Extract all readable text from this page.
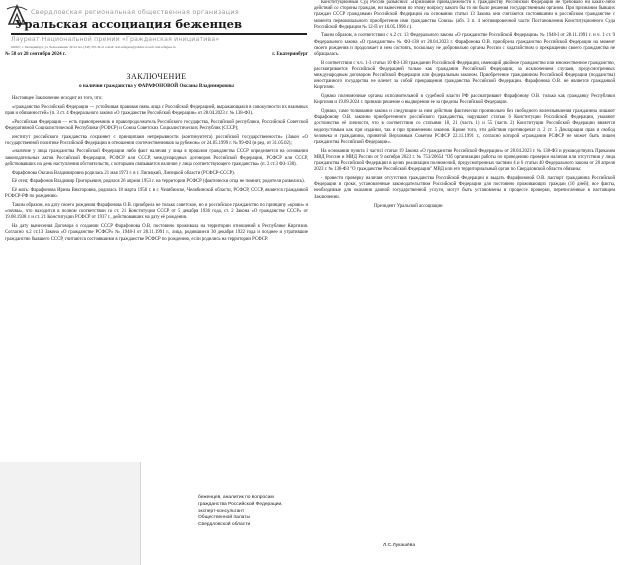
Свердловская региональная общественная организация
Уральская ассоциация беженцев
Лауреат Национальной премии «Гражданская инициатива»
620027, г. Екатеринбург, ул. Челюскинцев, 29-54 тел. (343) 370-39-21 e-mail: ural-refugees@yandex.ru web: ural-refugees.ru
№ 58 от 28 сентября 2024 г.	г. Екатеринбург
ЗАКЛЮЧЕНИЕ
о наличии гражданства у ФАРАФОНОВОЙ Оксаны Владимировны

Настоящее Заключение исходит из того, что:

«гражданство Российской Федерации — устойчивая правовая связь лица с Российской Федерацией, выражающаяся в совокупности их взаимных прав и обязанностей» (п. 3 ст. 4 Федерального закона «О гражданстве Российской Федерации» от 28.04.2023 г. № 138-ФЗ).

«Российская Федерация — есть правопреемник и правопродолжатель Российского государства, Российской республики, Российской Советской Федеративной Социалистической Республики (РСФСР) и Союза Советских Социалистических Республик (СССР);

институт российского гражданства сохраняет с принципами непрерывности (континуитета) российской государственности» (Закон «О государственной политике Российской Федерации в отношении соотечественников за рубежом» от 24.05.1999 г. № 99-ФЗ (в ред. от 31.05.02);

«наличие у лица гражданства Российской Федерации либо факт наличия у лица в прошлом гражданства СССР определяется на основании законодательных актов Российской Федерации, РСФСР или СССР, международных договоров Российской Федерации, РСФСР или СССР, действовавших на день наступления обстоятельств, с которыми связывается наличие у лица соответствующего гражданства» (п. 2 ст.3 ФЗ-138).

Фарафонова Оксана Владимировна родилась 21 мая 1973 г. в г. Липецкий, Липецкой области (РСФСР-СССР).

Её отец: Фарафонов Владимир Григорьевич, родился 26 апреля 1953 г. на территории РСФСР (фактически отца не помнит, родители развелись).

Её мать: Фарафонова Ирина Викторовна, родилась 18 марта 1956 г. в г. Челябинске, Челябинской области, РСФСР, СССР, является гражданкой РСФСР-РФ по рождению.

Таким образом, на дату своего рождения Фарафонова О.В. приобрела не только советское, но и российское гражданство по принципу «крови» и «почвы», что находится в полном соответствии со ст. 21 Конституции СССР от 5 декабря 1936 года, ст. 2 Закона «О гражданстве СССР» от 19.08.1938 г. и ст. 21 Конституции РСФСР от 1937 г., действовавших на дату её рождения.

На дату вынесения Договора о создании СССР Фарафонова О.В. постоянно проживала на территории отношений к Республике Киргизия. Согласно ч.2 ст.13 Закона «О гражданстве РСФСР» № 1948-I от 28.11.1991 г., лица, родившиеся 30 декабря 1922 года и позднее и утратившие гражданство бывшего СССР, считаются состоявшими в гражданстве РСФСР по рождению, если родились на территории РСФСР.

Конституционный Суд России разъяснил: «Признание принадлежности к гражданству Российской Федерации не требовало ни каких-либо действий со стороны граждан, ни вынесения по этому вопросу какого бы то ни было решения государственным органом. При признании бывших граждан СССР гражданами Российской Федерации на основании статьи 13 Закона они считаются состоявшими в российском гражданстве с момента первоначального приобретения ими гражданства Союза» (абз. 3 п. 4 мотивировочной части Постановления Конституционного Суда Российской Федерации № 12-П от 16.05.1996 г.).

Таким образом, в соответствии с ч.2 ст. 13 Федерального закона «О гражданстве Российской Федерации» № 1948-I от 28.11.1991 г. и ч. 1 ст. 9 Федерального закона «О гражданстве» № ФЗ-138 от 28.04.2023 г. Фарафонова О.В. приобрела гражданство Российской Федерации на момент своего рождения и продолжает в нем состоять, поскольку не добровольно органы России с ходатайством о прекращении своего гражданства не обращалась.

В соответствии с ч.ч. 1-3 статьи 10 ФЗ-138 гражданин Российской Федерации, имеющий двойное гражданство или множественное гражданство, рассматривается Российской Федерацией только как гражданин Российской Федерации, за исключением случаев, предусмотренных международным договором Российской Федерации или федеральным законом. Приобретение гражданином Российской Федерации (подданства) иностранного государства не влечет за собой прекращения гражданства Российской Федерации. Фарафонова О.В. не является гражданкой Киргизии.

Однако полномочные органы исполнительной и судебной власти РФ рассматривают Фарафонову О.В. только как гражданку Республики Киргизия и 19.09.2024 г. приняли решение о выдворении ее за пределы Российской Федерации.

Однако, само толкование закона и следующие за ним действия фактически произвольно без свободного волеизъявления гражданина лишают Фарафонову О.В. законно приобретенного российского гражданства, нарушают статью 6 Конституции Российской Федерации, умаляют достоинство её личности, что в соответствии со статьями 18, 21 (часть 1) и 55 (часть 2) Конституции Российской Федерации является недопустимым как при издании, так и при применении законов. Кроме того, эти действия противоречат п. 2 ст. 5 Декларации прав и свобод человека и гражданина, принятой Верховным Советом РСФСР 22.11.1991 г., согласно которой «гражданин РСФСР не может быть лишен гражданства Российской Федерации».

На основании пункта 1 части1 статьи 19 Закона «О гражданстве Российской Федерации» от 28.04.2023 г. № 138-ФЗ и руководствуясь Приказом МВД России и МИД России от 9 октября 2023 г. № 753/20654 "Об организации работы по проведению проверки наличия или отсутствия у лица гражданства Российской Федерации в целях реализации полномочий, предусмотренных частями 4 и 6 статьи 40 Федерального закона от 28 апреля 2023 г. № 138-ФЗ "О гражданстве Российской Федерации" МВД или его территориальный орган по Свердловской области обязаны:

- провести проверку наличия отсутствия гражданства Российской Федерации и выдать Фарафоновой О.В. паспорт гражданина Российской Федерации в сроки, установленные законодательством Российской Федерации для постоянно проживающих граждан (10 дней); все факты, необходимые для оказания данной государственной услуги, могут быть установлены в процессе проверки, перечисленные в настоящем Заключении.

Президент Уральской ассоциации

беженцев, аналитик по вопросам
гражданства Российской Федерации,
эксперт-консультант
Общественной палаты
Свердловской области
Л.С.Лукашёва
